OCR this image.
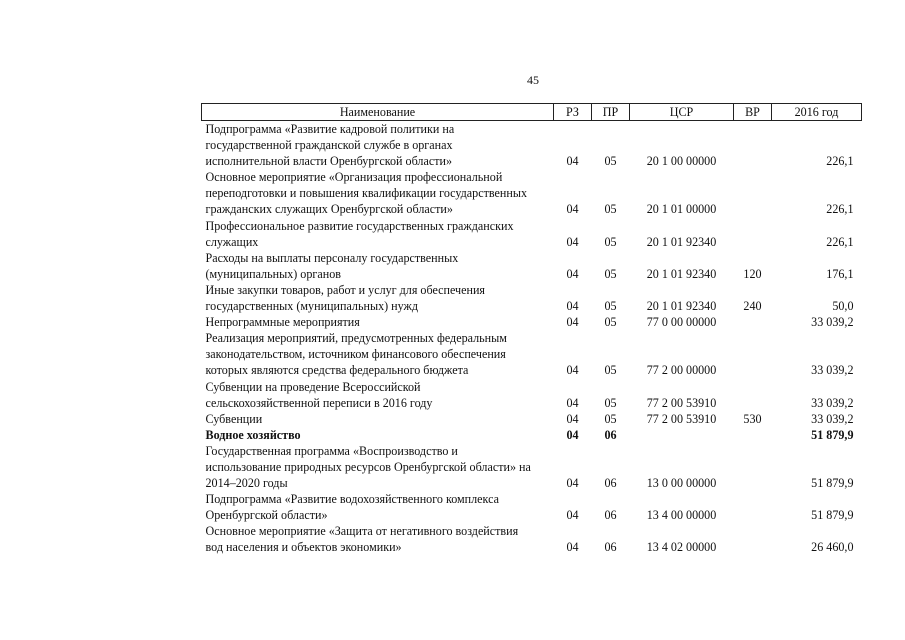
45
Наименование	РЗ	ПР	ЦСР	ВР	2016 год

Подпрограмма «Развитие кадровой политики на
государственной гражданской службе в органах
исполнительной власти Оренбургской области»	04	05	20 1 00 00000		226,1

Основное мероприятие «Организация профессиональной
переподготовки и повышения квалификации государственных
гражданских служащих Оренбургской области»	04	05	20 1 01 00000		226,1

Профессиональное развитие государственных гражданских
служащих	04	05	20 1 01 92340		226,1

Расходы на выплаты персоналу государственных
(муниципальных) органов	04	05	20 1 01 92340	120	176,1

Иные закупки товаров, работ и услуг для обеспечения
государственных (муниципальных) нужд	04	05	20 1 01 92340	240	50,0

Непрограммные мероприятия	04	05	77 0 00 00000		33 039,2

Реализация мероприятий, предусмотренных федеральным
законодательством, источником финансового обеспечения
которых являются средства федерального бюджета	04	05	77 2 00 00000		33 039,2

Субвенции на проведение Всероссийской
сельскохозяйственной переписи в 2016 году	04	05	77 2 00 53910		33 039,2

Субвенции	04	05	77 2 00 53910	530	33 039,2

Водное хозяйство	04	06			51 879,9

Государственная программа «Воспроизводство и
использование природных ресурсов Оренбургской области» на
2014–2020 годы	04	06	13 0 00 00000		51 879,9

Подпрограмма «Развитие водохозяйственного комплекса
Оренбургской области»	04	06	13 4 00 00000		51 879,9

Основное мероприятие «Защита от негативного воздействия
вод населения и объектов экономики»	04	06	13 4 02 00000		26 460,0
